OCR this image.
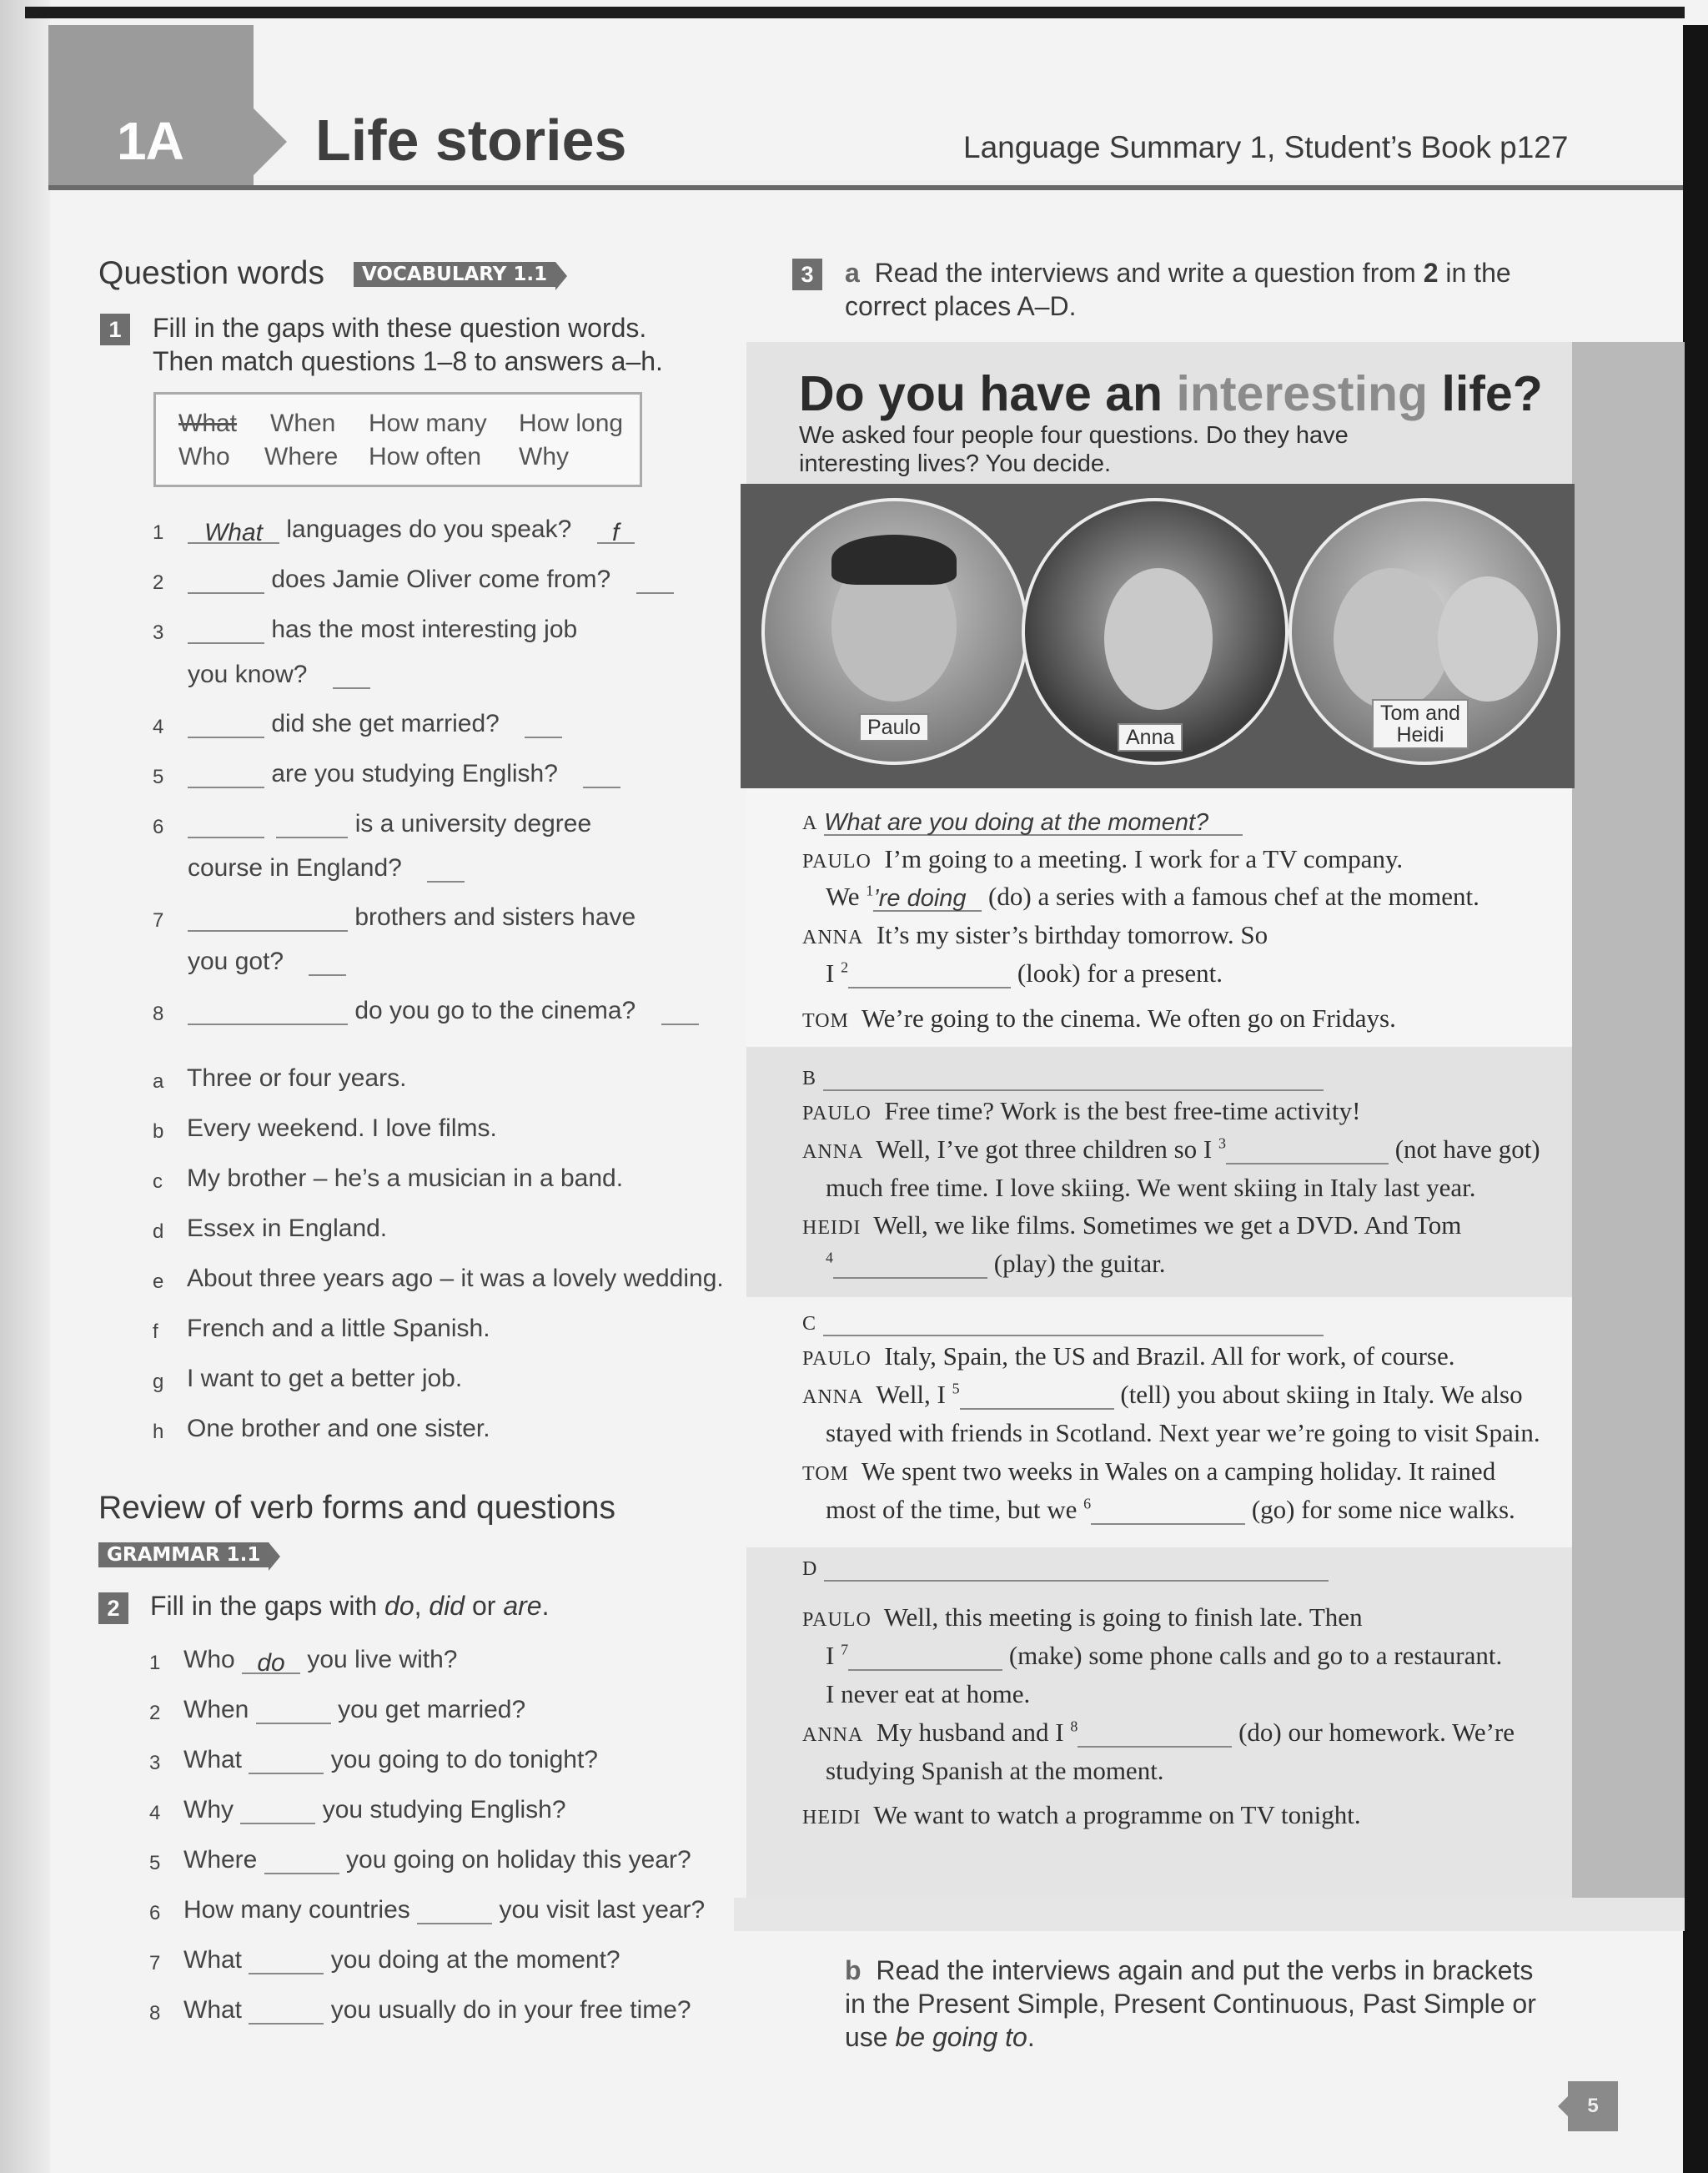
1A Life stories	Language Summary 1, Student’s Book p127
Question words	VOCABULARY 1.1
1	Fill in the gaps with these question words.
Then match questions 1–8 to answers a–h.
What When How many How long
Who Where How often Why
1	What languages do you speak? f
2	does Jamie Oliver come from?
3	has the most interesting job
you know?
4	did she get married?
5	are you studying English?
6	is a university degree
course in England?
7	brothers and sisters have
you got?
8	do you go to the cinema?
a Three or four years.
b Every weekend. I love films.
c My brother – he’s a musician in a band.
d Essex in England.
e About three years ago – it was a lovely wedding.
f French and a little Spanish.
g I want to get a better job.
h One brother and one sister.
Review of verb forms and questions
GRAMMAR 1.1
2	Fill in the gaps with do, did or are.
1 Who do you live with?
2 When	you get married?
3 What	you going to do tonight?
4 Why	you studying English?
5 Where	you going on holiday this year?
6 How many countries	you visit last year?
7 What	you doing at the moment?
8 What	you usually do in your free time?
3	a Read the interviews and write a question from 2 in the
correct places A–D.
Do you have an interesting life?
We asked four people four questions. Do they have
interesting lives? You decide.
Paulo	Anna
Tom and
Heidi
A What are you doing at the moment?
PAULO I’m going to a meeting. I work for a TV company.
We $^1$’re doing (do) a series with a famous chef at the moment.
ANNA It’s my sister’s birthday tomorrow. So
I $^2$	(look) for a present.
TOM We’re going to the cinema. We often go on Fridays.
B
PAULO Free time? Work is the best free-time activity!
ANNA Well, I’ve got three children so I $^3$	(not have got)
much free time. I love skiing. We went skiing in Italy last year.
HEIDI Well, we like films. Sometimes we get a DVD. And Tom
$^4$	(play) the guitar.
C
PAULO Italy, Spain, the US and Brazil. All for work, of course.
ANNA Well, I $^5$	(tell) you about skiing in Italy. We also
stayed with friends in Scotland. Next year we’re going to visit Spain.
TOM We spent two weeks in Wales on a camping holiday. It rained
most of the time, but we $^6$	(go) for some nice walks.
D
PAULO Well, this meeting is going to finish late. Then
I $^7$	(make) some phone calls and go to a restaurant.
I never eat at home.
ANNA My husband and I $^8$	(do) our homework. We’re
studying Spanish at the moment.
HEIDI We want to watch a programme on TV tonight.
b Read the interviews again and put the verbs in brackets
in the Present Simple, Present Continuous, Past Simple or
use be going to.
5
